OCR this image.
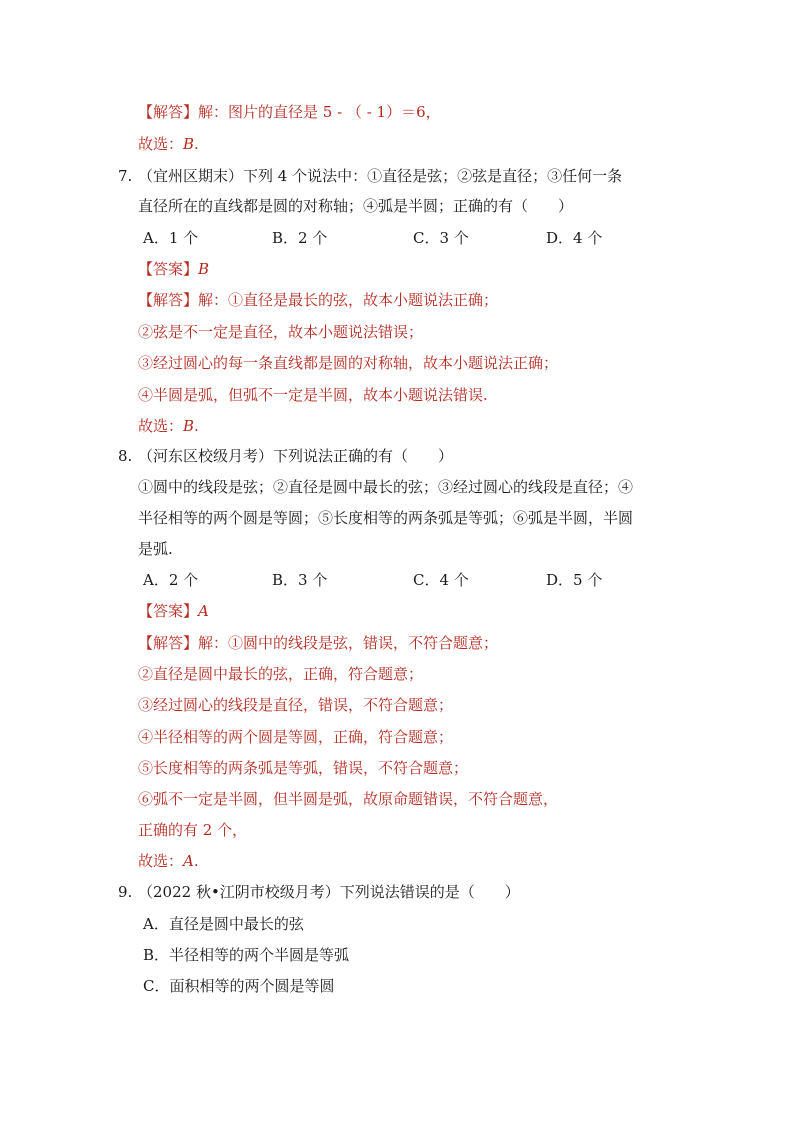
【解答】解：图片的直径是 5 - （ - 1）＝6，
故选：B.
7. （宜州区期末）下列 4 个说法中：①直径是弦；②弦是直径；③任何一条
直径所在的直线都是圆的对称轴；④弧是半圆；正确的有（　　）
A．1 个	B．2 个	C．3 个	D．4 个
【答案】B
【解答】解：①直径是最长的弦，故本小题说法正确；
②弦是不一定是直径，故本小题说法错误；
③经过圆心的每一条直线都是圆的对称轴，故本小题说法正确；
④半圆是弧，但弧不一定是半圆，故本小题说法错误.
故选：B.
8. （河东区校级月考）下列说法正确的有（　　）
①圆中的线段是弦；②直径是圆中最长的弦；③经过圆心的线段是直径；④
半径相等的两个圆是等圆；⑤长度相等的两条弧是等弧；⑥弧是半圆，半圆
是弧.
A．2 个	B．3 个	C．4 个	D．5 个
【答案】A
【解答】解：①圆中的线段是弦，错误，不符合题意；
②直径是圆中最长的弦，正确，符合题意；
③经过圆心的线段是直径，错误，不符合题意；
④半径相等的两个圆是等圆，正确，符合题意；
⑤长度相等的两条弧是等弧，错误，不符合题意；
⑥弧不一定是半圆，但半圆是弧，故原命题错误，不符合题意，
正确的有 2 个，
故选：A.
9. （2022 秋•江阴市校级月考）下列说法错误的是（　　）
A．直径是圆中最长的弦
B．半径相等的两个半圆是等弧
C．面积相等的两个圆是等圆
